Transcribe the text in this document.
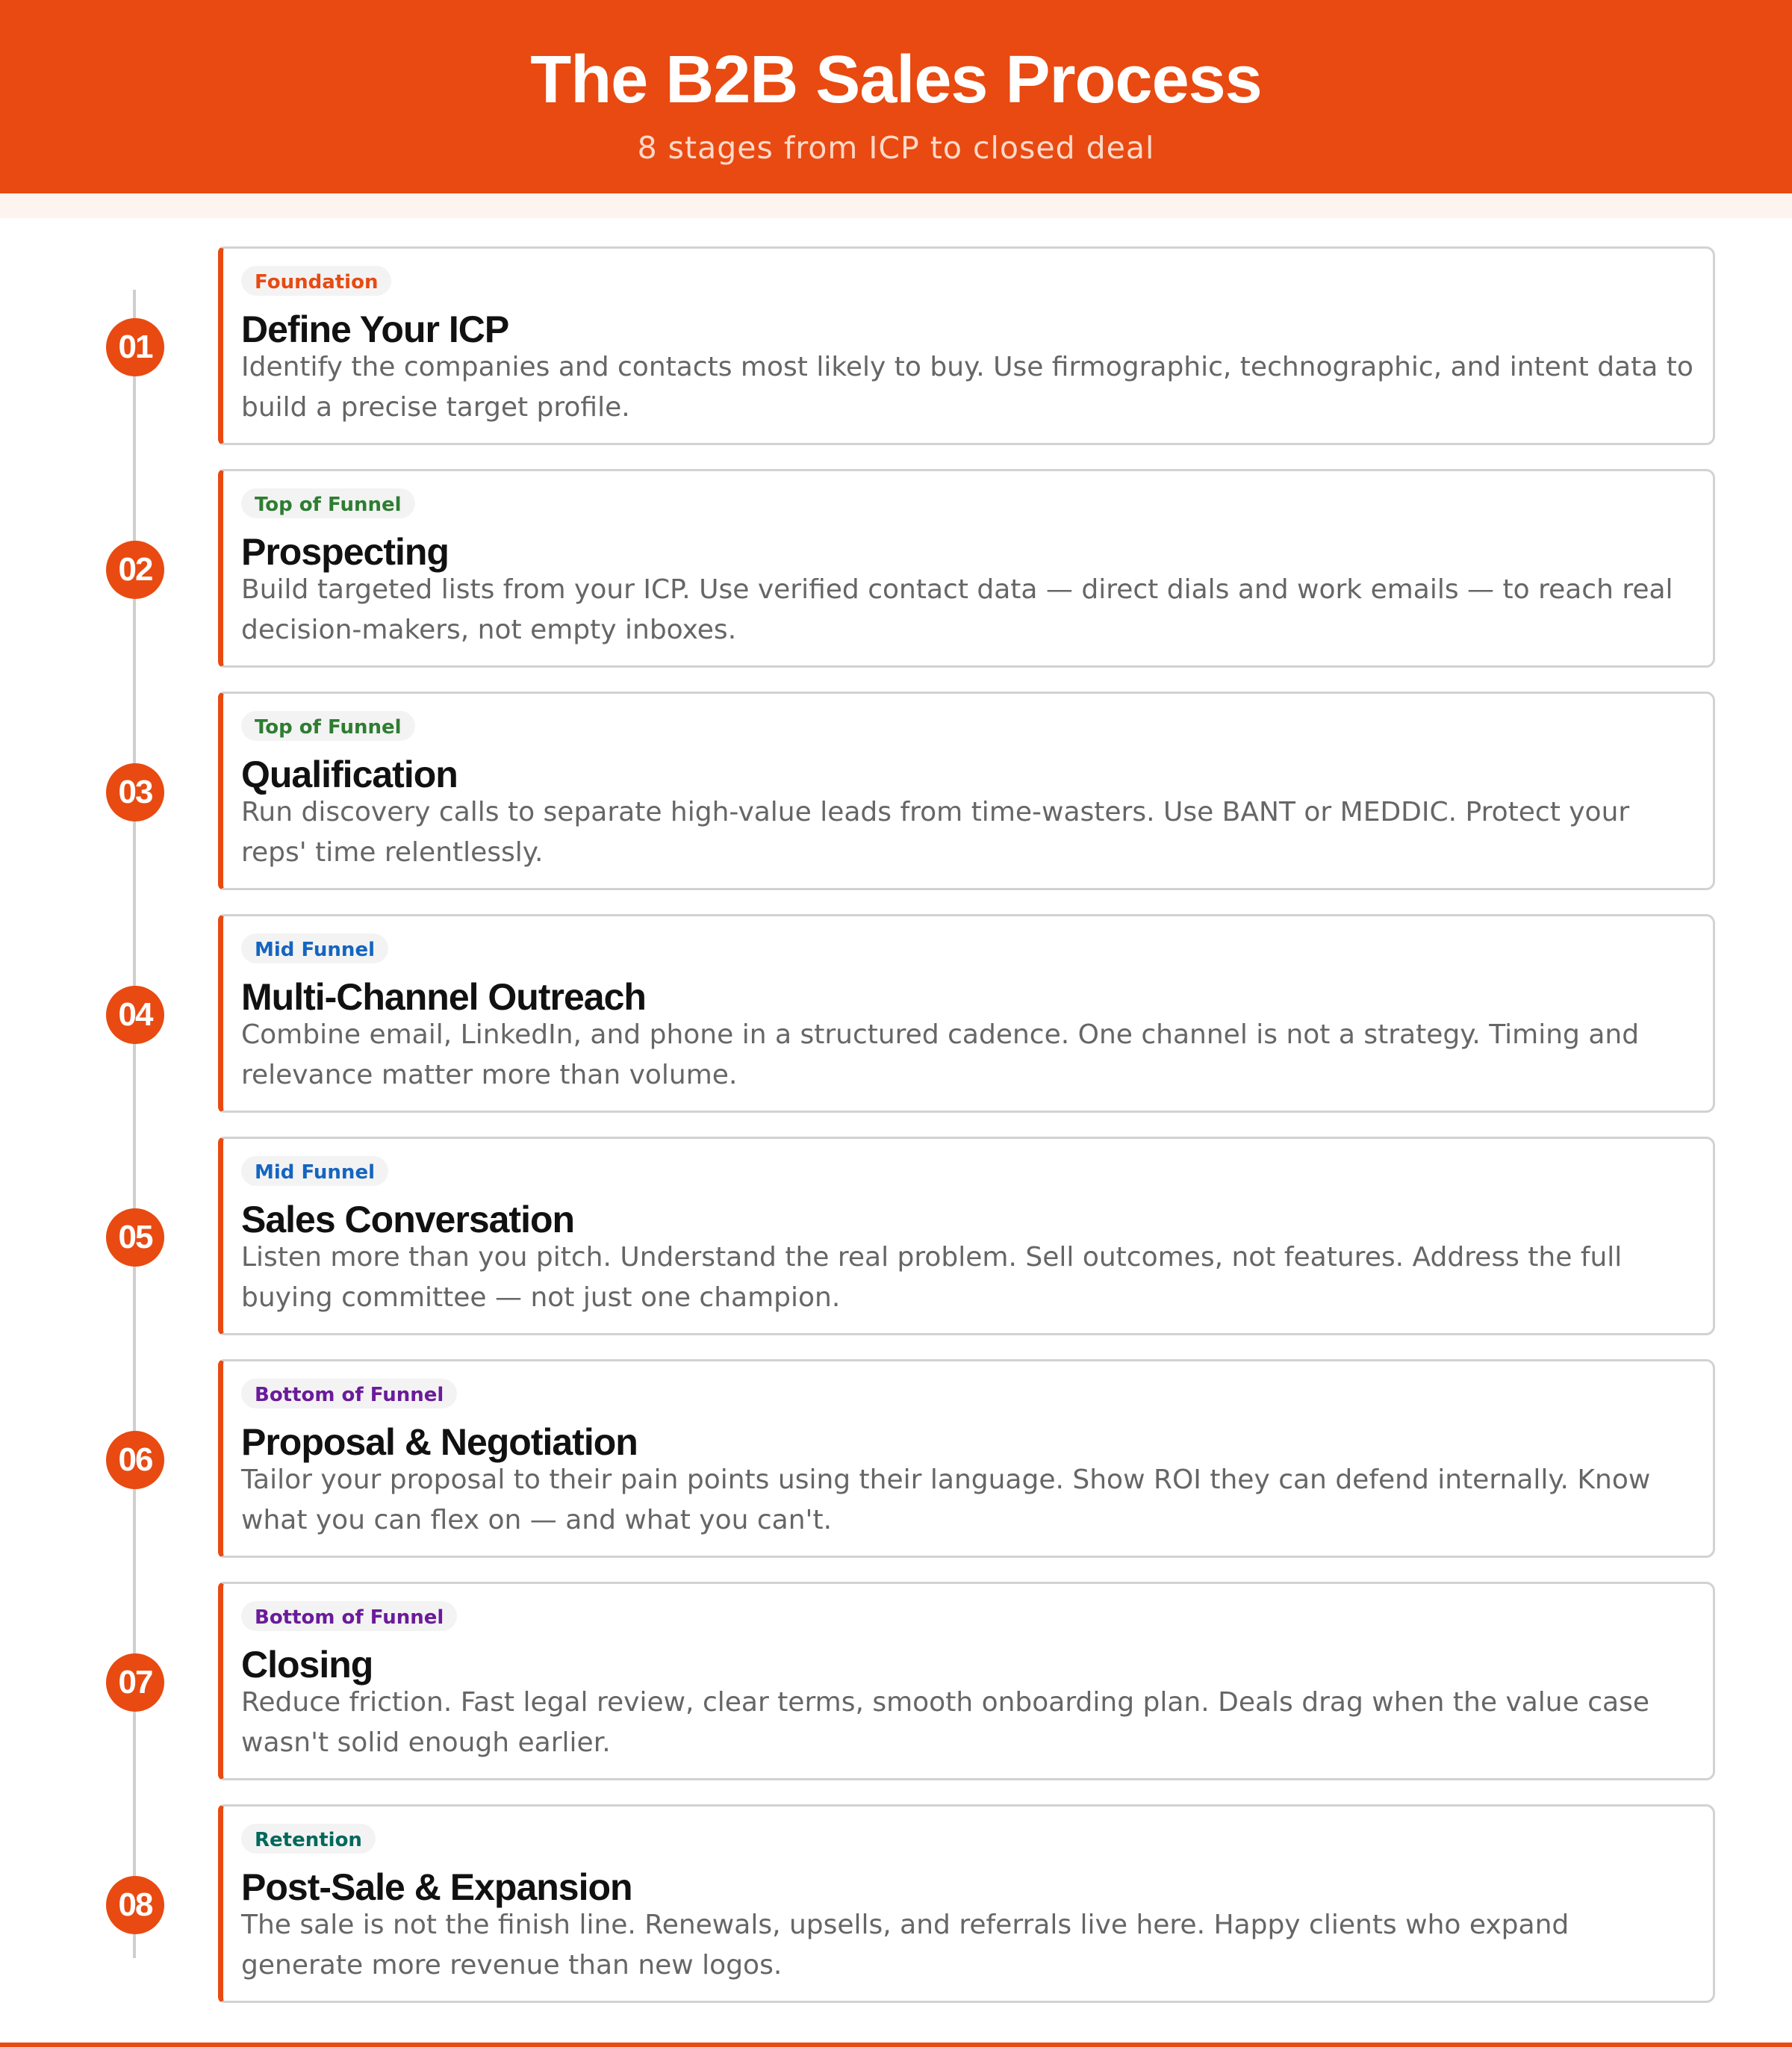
The B2B Sales Process
8 stages from ICP to closed deal
01
Foundation
Define Your ICP
Identify the companies and contacts most likely to buy. Use firmographic, technographic, and intent data to build a precise target profile.
02
Top of Funnel
Prospecting
Build targeted lists from your ICP. Use verified contact data — direct dials and work emails — to reach real decision-makers, not empty inboxes.
03
Top of Funnel
Qualification
Run discovery calls to separate high-value leads from time-wasters. Use BANT or MEDDIC. Protect your reps' time relentlessly.
04
Mid Funnel
Multi-Channel Outreach
Combine email, LinkedIn, and phone in a structured cadence. One channel is not a strategy. Timing and relevance matter more than volume.
05
Mid Funnel
Sales Conversation
Listen more than you pitch. Understand the real problem. Sell outcomes, not features. Address the full buying committee — not just one champion.
06
Bottom of Funnel
Proposal & Negotiation
Tailor your proposal to their pain points using their language. Show ROI they can defend internally. Know what you can flex on — and what you can't.
07
Bottom of Funnel
Closing
Reduce friction. Fast legal review, clear terms, smooth onboarding plan. Deals drag when the value case wasn't solid enough earlier.
08
Retention
Post-Sale & Expansion
The sale is not the finish line. Renewals, upsells, and referrals live here. Happy clients who expand generate more revenue than new logos.
